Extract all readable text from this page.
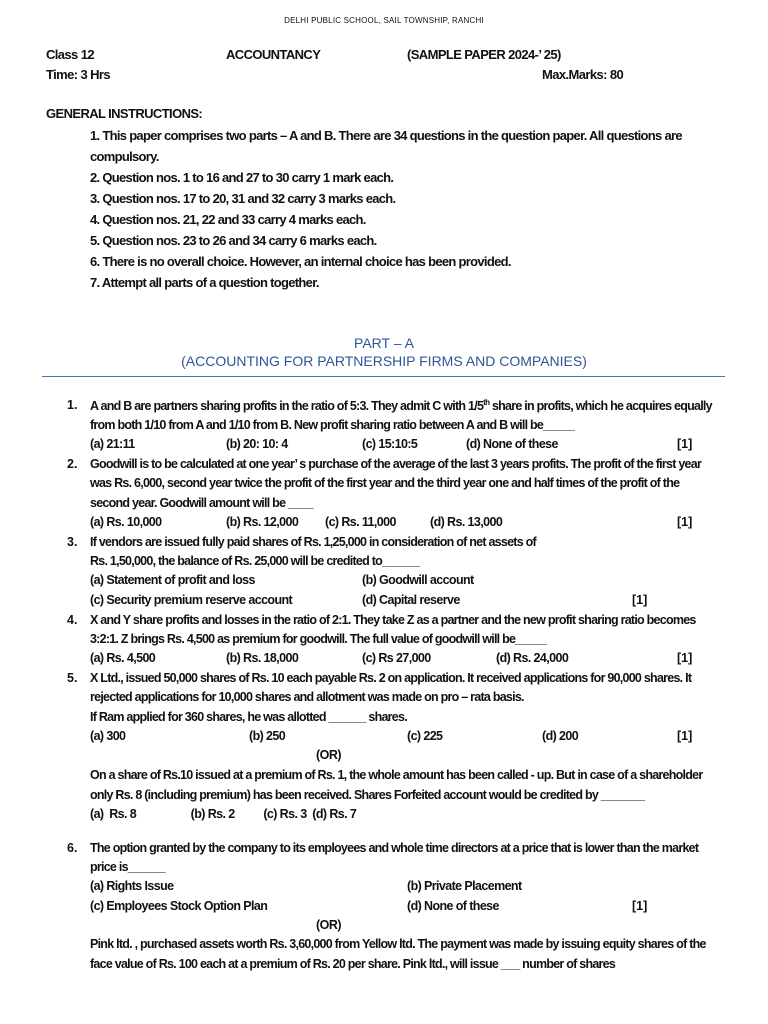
DELHI PUBLIC SCHOOL, SAIL TOWNSHIP, RANCHI
Class 12	ACCOUNTANCY	(SAMPLE PAPER 2024-’ 25)
Time: 3 Hrs	Max.Marks: 80
GENERAL INSTRUCTIONS:
1. This paper comprises two parts – A and B. There are 34 questions in the question paper. All questions are
compulsory.
2. Question nos. 1 to 16 and 27 to 30 carry 1 mark each.
3. Question nos. 17 to 20, 31 and 32 carry 3 marks each.
4. Question nos. 21, 22 and 33 carry 4 marks each.
5. Question nos. 23 to 26 and 34 carry 6 marks each.
6. There is no overall choice. However, an internal choice has been provided.
7. Attempt all parts of a question together.
PART – A
(ACCOUNTING FOR PARTNERSHIP FIRMS AND COMPANIES)
1. A and B are partners sharing profits in the ratio of 5:3. They admit C with 1/5th share in profits, which he acquires equally
from both 1/10 from A and 1/10 from B. New profit sharing ratio between A and B will be_____
(a) 21:11	(b) 20: 10: 4	(c) 15:10:5	(d) None of these	[1]
2. Goodwill is to be calculated at one year’ s purchase of the average of the last 3 years profits. The profit of the first year
was Rs. 6,000, second year twice the profit of the first year and the third year one and half times of the profit of the
second year. Goodwill amount will be ____
(a) Rs. 10,000	(b) Rs. 12,000 (c) Rs. 11,000	(d) Rs. 13,000	[1]
3. If vendors are issued fully paid shares of Rs. 1,25,000 in consideration of net assets of
Rs. 1,50,000, the balance of Rs. 25,000 will be credited to______
(a) Statement of profit and loss	(b) Goodwill account
(c) Security premium reserve account	(d) Capital reserve	[1]
4. X and Y share profits and losses in the ratio of 2:1. They take Z as a partner and the new profit sharing ratio becomes
3:2:1. Z brings Rs. 4,500 as premium for goodwill. The full value of goodwill will be_____
(a) Rs. 4,500	(b) Rs. 18,000	(c) Rs 27,000	(d) Rs. 24,000	[1]
5. X Ltd., issued 50,000 shares of Rs. 10 each payable Rs. 2 on application. It received applications for 90,000 shares. It
rejected applications for 10,000 shares and allotment was made on pro – rata basis.
If Ram applied for 360 shares, he was allotted ______ shares.
(a) 300	(b) 250	(c) 225	(d) 200	[1]
(OR)
On a share of Rs.10 issued at a premium of Rs. 1, the whole amount has been called - up. But in case of a shareholder
only Rs. 8 (including premium) has been received. Shares Forfeited account would be credited by _______
(a)  Rs. 8                   (b) Rs. 2          (c) Rs. 3  (d) Rs. 7
6. The option granted by the company to its employees and whole time directors at a price that is lower than the market
price is______
(a) Rights Issue	(b) Private Placement
(c) Employees Stock Option Plan	(d) None of these	[1]
(OR)
Pink ltd. , purchased assets worth Rs. 3,60,000 from Yellow ltd. The payment was made by issuing equity shares of the
face value of Rs. 100 each at a premium of Rs. 20 per share. Pink ltd., will issue ___ number of shares
